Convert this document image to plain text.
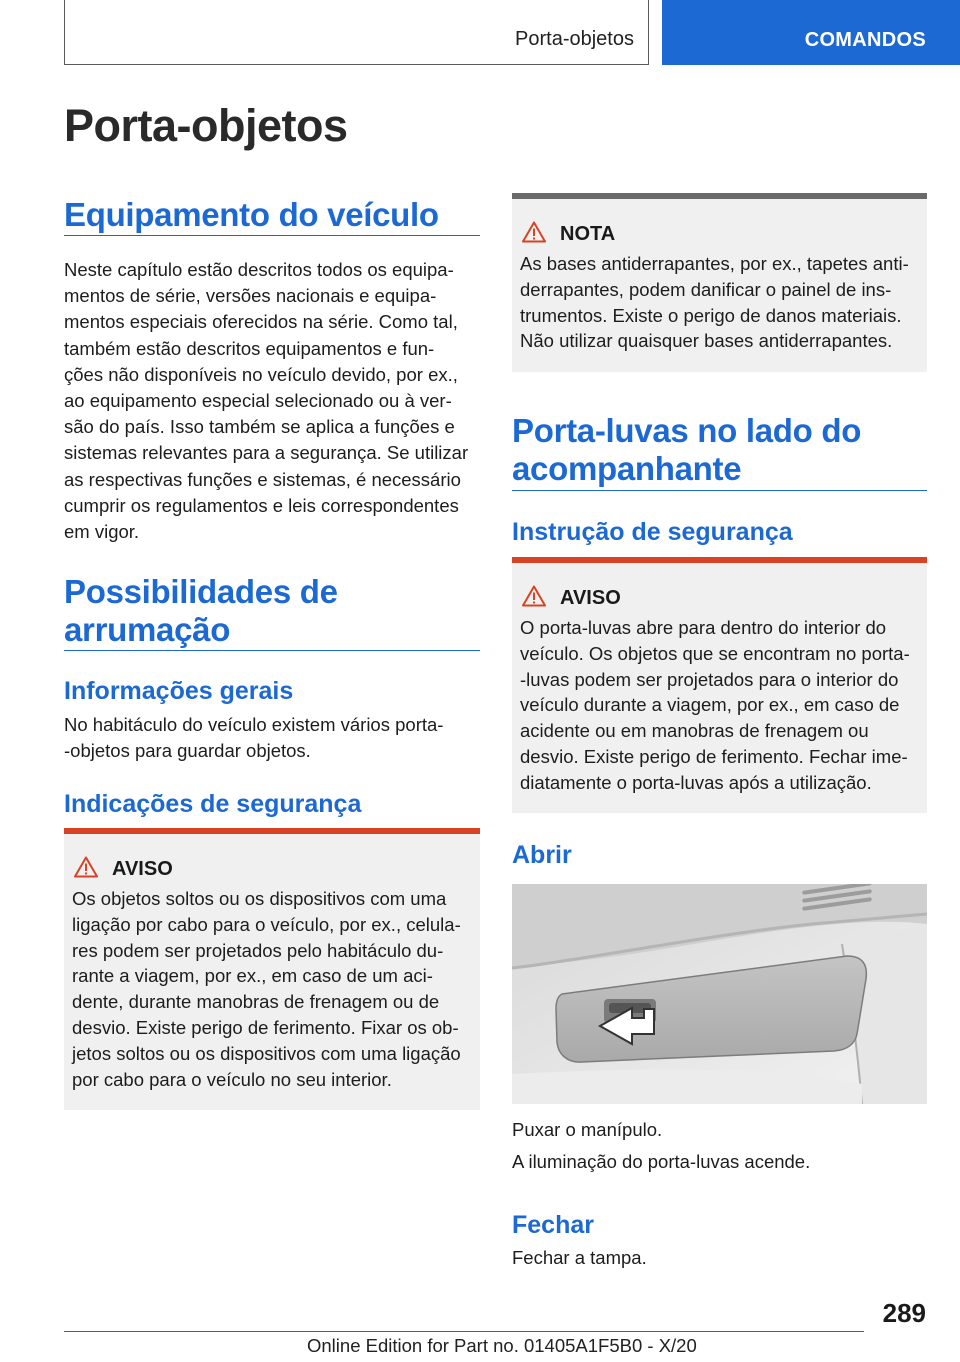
Porta-objetos	COMANDOS
Porta-objetos
Equipamento do veículo
Neste capítulo estão descritos todos os equipa‐
mentos de série, versões nacionais e equipa‐
mentos especiais oferecidos na série. Como tal,
também estão descritos equipamentos e fun‐
ções não disponíveis no veículo devido, por ex.,
ao equipamento especial selecionado ou à ver‐
são do país. Isso também se aplica a funções e
sistemas relevantes para a segurança. Se utilizar
as respectivas funções e sistemas, é necessário
cumprir os regulamentos e leis correspondentes
em vigor.
Possibilidades de
arrumação
Informações gerais
No habitáculo do veículo existem vários porta‐
‐objetos para guardar objetos.
Indicações de segurança
AVISO
Os objetos soltos ou os dispositivos com uma
ligação por cabo para o veículo, por ex., celula‐
res podem ser projetados pelo habitáculo du‐
rante a viagem, por ex., em caso de um aci‐
dente, durante manobras de frenagem ou de
desvio. Existe perigo de ferimento. Fixar os ob‐
jetos soltos ou os dispositivos com uma ligação
por cabo para o veículo no seu interior.
NOTA
As bases antiderrapantes, por ex., tapetes anti‐
derrapantes, podem danificar o painel de ins‐
trumentos. Existe o perigo de danos materiais.
Não utilizar quaisquer bases antiderrapantes.
Porta-luvas no lado do
acompanhante
Instrução de segurança
AVISO
O porta-luvas abre para dentro do interior do
veículo. Os objetos que se encontram no porta‐
‐luvas podem ser projetados para o interior do
veículo durante a viagem, por ex., em caso de
acidente ou em manobras de frenagem ou
desvio. Existe perigo de ferimento. Fechar ime‐
diatamente o porta-luvas após a utilização.
Abrir
Puxar o manípulo.
A iluminação do porta-luvas acende.
Fechar
Fechar a tampa.
289
Online Edition for Part no. 01405A1F5B0 - X/20
